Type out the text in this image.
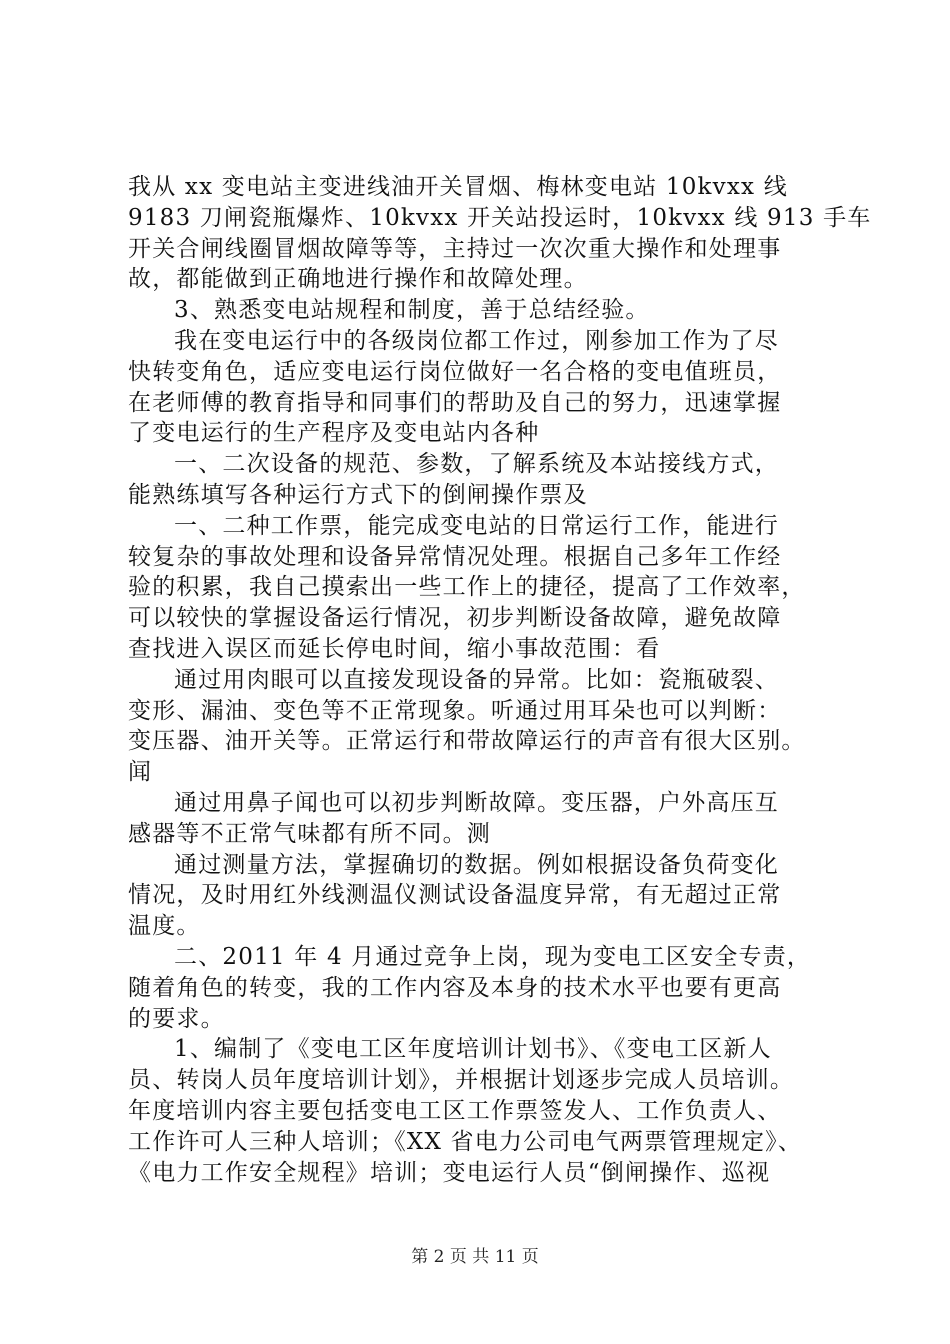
我从 xx 变电站主变进线油开关冒烟、梅林变电站 10kvxx 线
9183 刀闸瓷瓶爆炸、10kvxx 开关站投运时，10kvxx 线 913 手车
开关合闸线圈冒烟故障等等，主持过一次次重大操作和处理事
故，都能做到正确地进行操作和故障处理。
3、熟悉变电站规程和制度，善于总结经验。
我在变电运行中的各级岗位都工作过，刚参加工作为了尽
快转变角色，适应变电运行岗位做好一名合格的变电值班员，
在老师傅的教育指导和同事们的帮助及自己的努力，迅速掌握
了变电运行的生产程序及变电站内各种
一、二次设备的规范、参数，了解系统及本站接线方式，
能熟练填写各种运行方式下的倒闸操作票及
一、二种工作票，能完成变电站的日常运行工作，能进行
较复杂的事故处理和设备异常情况处理。根据自己多年工作经
验的积累，我自己摸索出一些工作上的捷径，提高了工作效率，
可以较快的掌握设备运行情况，初步判断设备故障，避免故障
查找进入误区而延长停电时间，缩小事故范围：看
通过用肉眼可以直接发现设备的异常。比如：瓷瓶破裂、
变形、漏油、变色等不正常现象。听通过用耳朵也可以判断：
变压器、油开关等。正常运行和带故障运行的声音有很大区别。
闻
通过用鼻子闻也可以初步判断故障。变压器，户外高压互
感器等不正常气味都有所不同。测
通过测量方法，掌握确切的数据。例如根据设备负荷变化
情况，及时用红外线测温仪测试设备温度异常，有无超过正常
温度。
二、2011 年 4 月通过竞争上岗，现为变电工区安全专责，
随着角色的转变，我的工作内容及本身的技术水平也要有更高
的要求。
1、编制了《变电工区年度培训计划书》、《变电工区新人
员、转岗人员年度培训计划》，并根据计划逐步完成人员培训。
年度培训内容主要包括变电工区工作票签发人、工作负责人、
工作许可人三种人培训；《XX 省电力公司电气两票管理规定》、
《电力工作安全规程》培训；变电运行人员“倒闸操作、巡视
第 2 页 共 11 页
